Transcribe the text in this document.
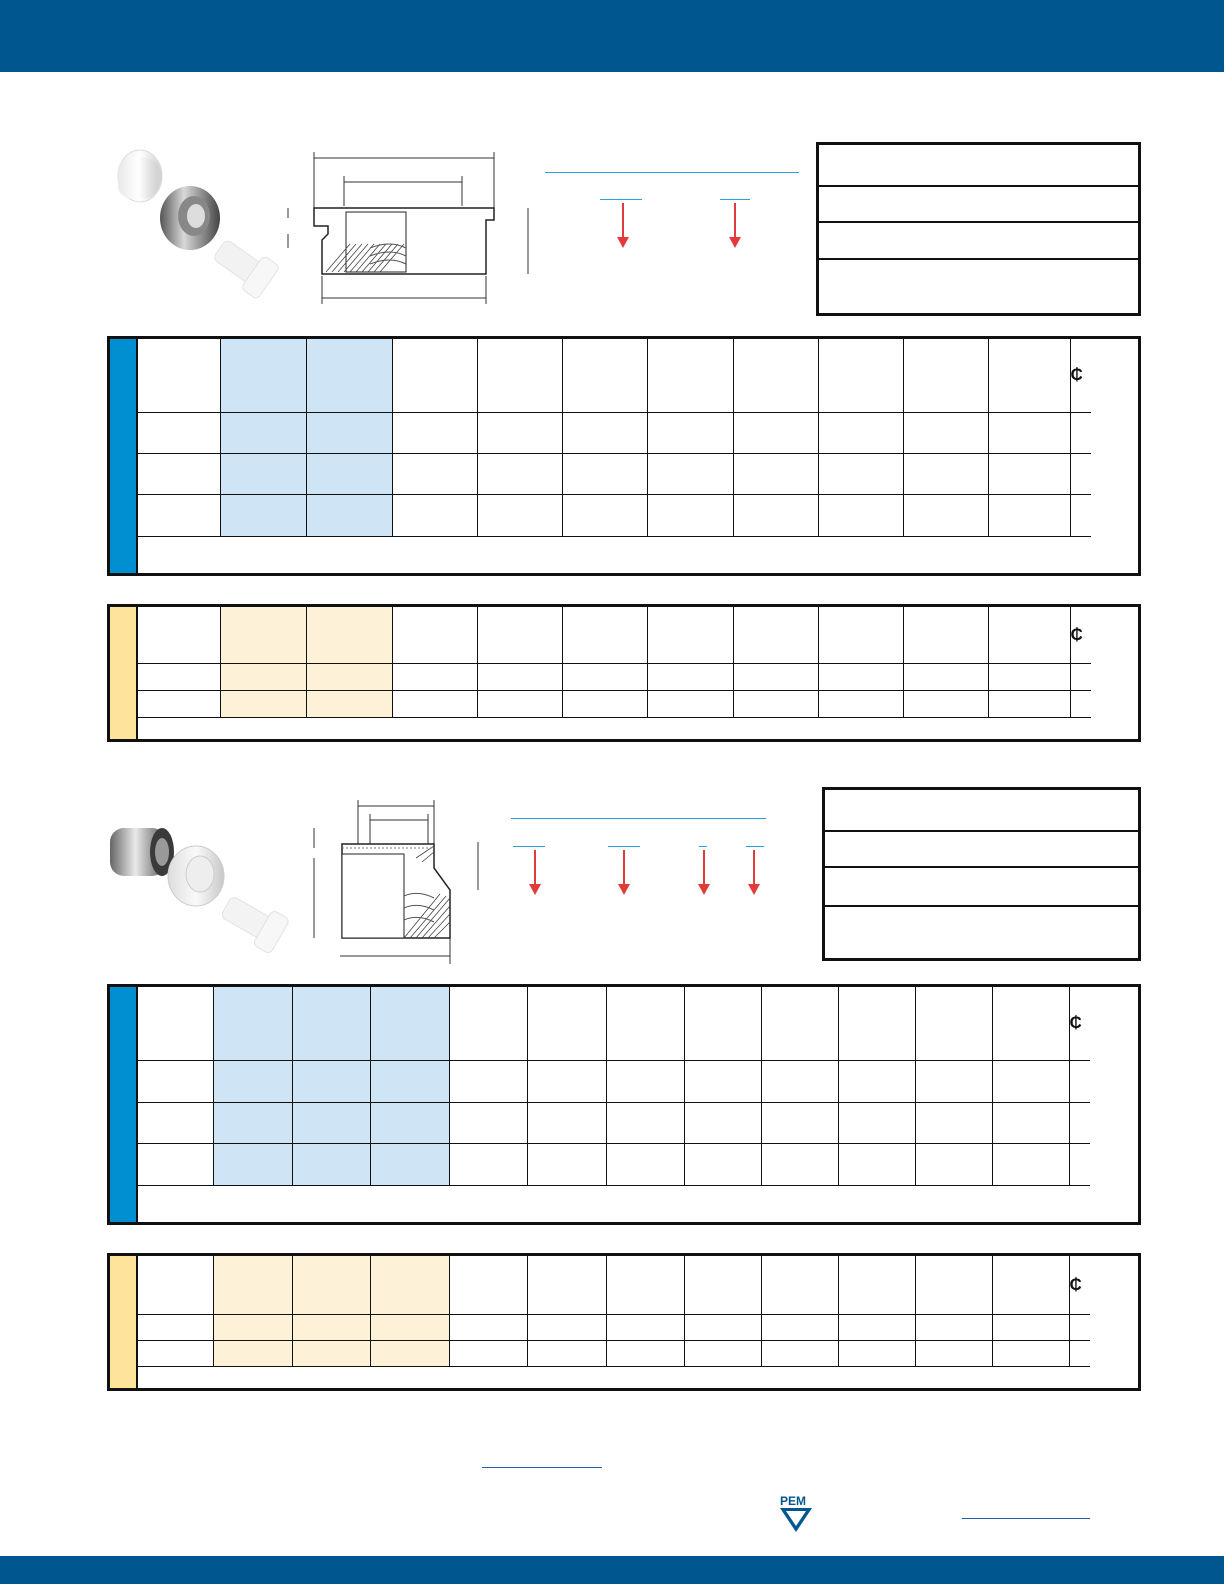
											₵

											₵

												₵

												₵

PEM
